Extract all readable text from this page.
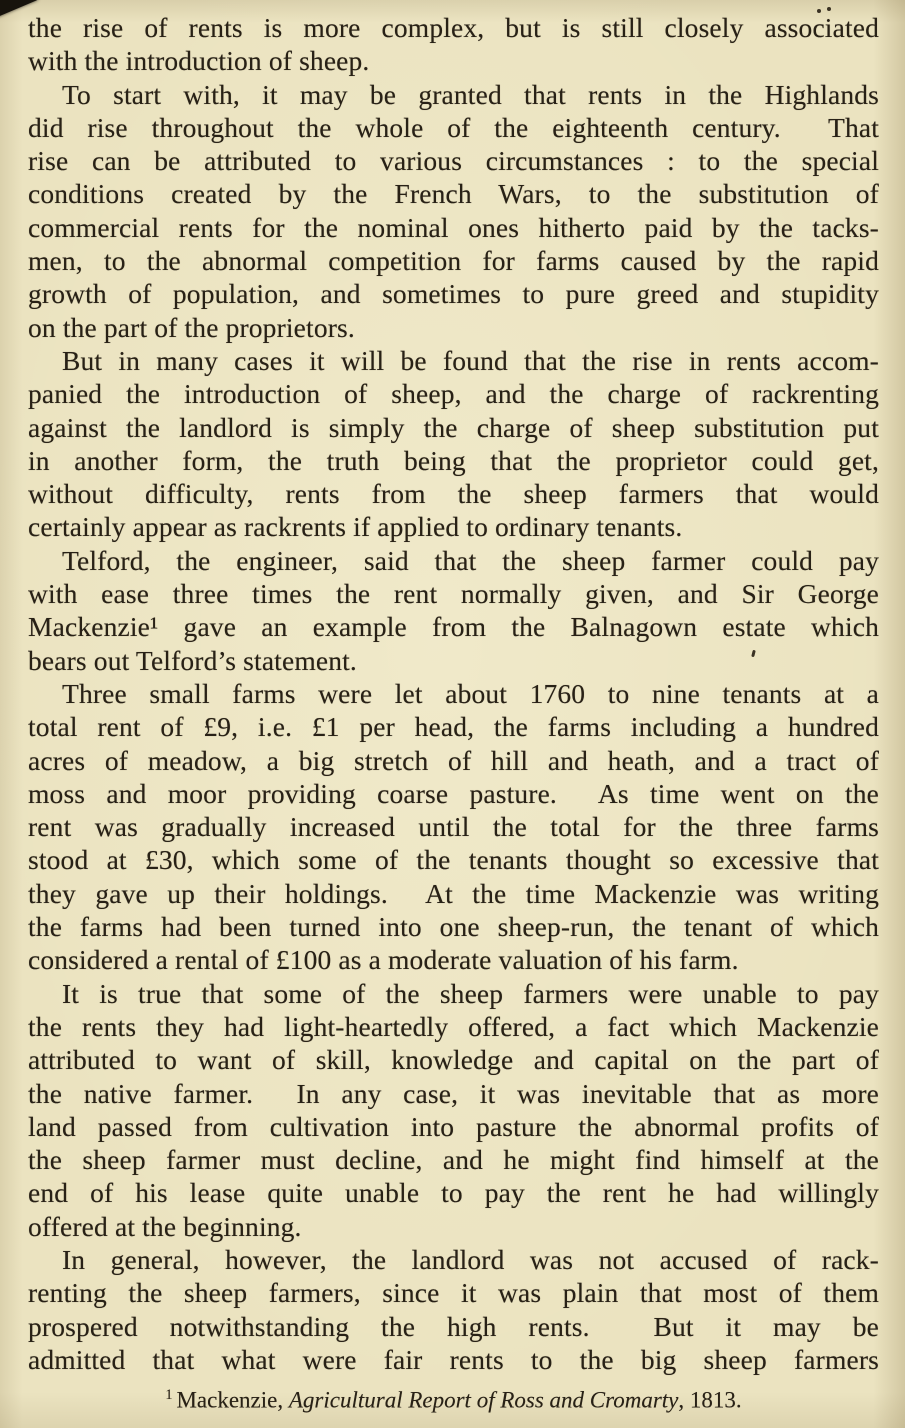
the rise of rents is more complex, but is still closely associated
with the introduction of sheep.
To start with, it may be granted that rents in the Highlands
did rise throughout the whole of the eighteenth century.  That
rise can be attributed to various circumstances : to the special
conditions created by the French Wars, to the substitution of
commercial rents for the nominal ones hitherto paid by the tacks-
men, to the abnormal competition for farms caused by the rapid
growth of population, and sometimes to pure greed and stupidity
on the part of the proprietors.
But in many cases it will be found that the rise in rents accom-
panied the introduction of sheep, and the charge of rackrenting
against the landlord is simply the charge of sheep substitution put
in another form, the truth being that the proprietor could get,
without difficulty, rents from the sheep farmers that would
certainly appear as rackrents if applied to ordinary tenants.
Telford, the engineer, said that the sheep farmer could pay
with ease three times the rent normally given, and Sir George
Mackenzie¹ gave an example from the Balnagown estate which
bears out Telford’s statement.
Three small farms were let about 1760 to nine tenants at a
total rent of £9, i.e. £1 per head, the farms including a hundred
acres of meadow, a big stretch of hill and heath, and a tract of
moss and moor providing coarse pasture.  As time went on the
rent was gradually increased until the total for the three farms
stood at £30, which some of the tenants thought so excessive that
they gave up their holdings.  At the time Mackenzie was writing
the farms had been turned into one sheep-run, the tenant of which
considered a rental of £100 as a moderate valuation of his farm.
It is true that some of the sheep farmers were unable to pay
the rents they had light-heartedly offered, a fact which Mackenzie
attributed to want of skill, knowledge and capital on the part of
the native farmer.  In any case, it was inevitable that as more
land passed from cultivation into pasture the abnormal profits of
the sheep farmer must decline, and he might find himself at the
end of his lease quite unable to pay the rent he had willingly
offered at the beginning.
In general, however, the landlord was not accused of rack-
renting the sheep farmers, since it was plain that most of them
prospered notwithstanding the high rents.  But it may be
admitted that what were fair rents to the big sheep farmers
$^1$ Mackenzie, Agricultural Report of Ross and Cromarty, 1813.
